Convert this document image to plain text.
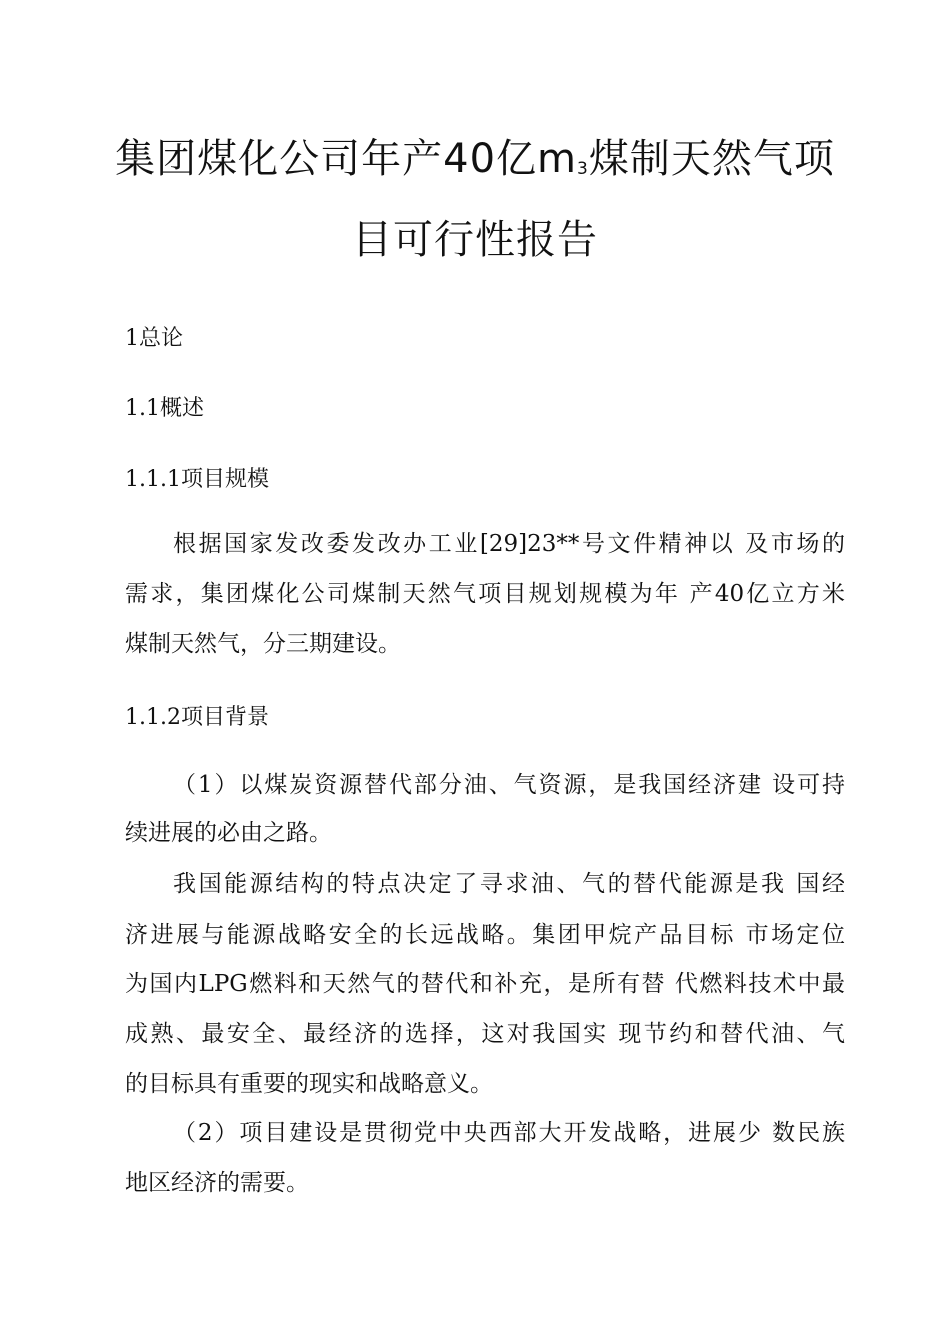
集团煤化公司年产40亿m3煤制天然气项
目可行性报告
1总论
1.1概述
1.1.1项目规模
根据国家发改委发改办工业[29]23**号文件精神以 及市场的
需求，集团煤化公司煤制天然气项目规划规模为年 产40亿立方米
煤制天然气，分三期建设。
1.1.2项目背景
（1）以煤炭资源替代部分油、气资源，是我国经济建 设可持
续进展的必由之路。
我国能源结构的特点决定了寻求油、气的替代能源是我 国经
济进展与能源战略安全的长远战略。集团甲烷产品目标 市场定位
为国内LPG燃料和天然气的替代和补充，是所有替 代燃料技术中最
成熟、最安全、最经济的选择，这对我国实 现节约和替代油、气
的目标具有重要的现实和战略意义。
（2）项目建设是贯彻党中央西部大开发战略，进展少 数民族
地区经济的需要。
